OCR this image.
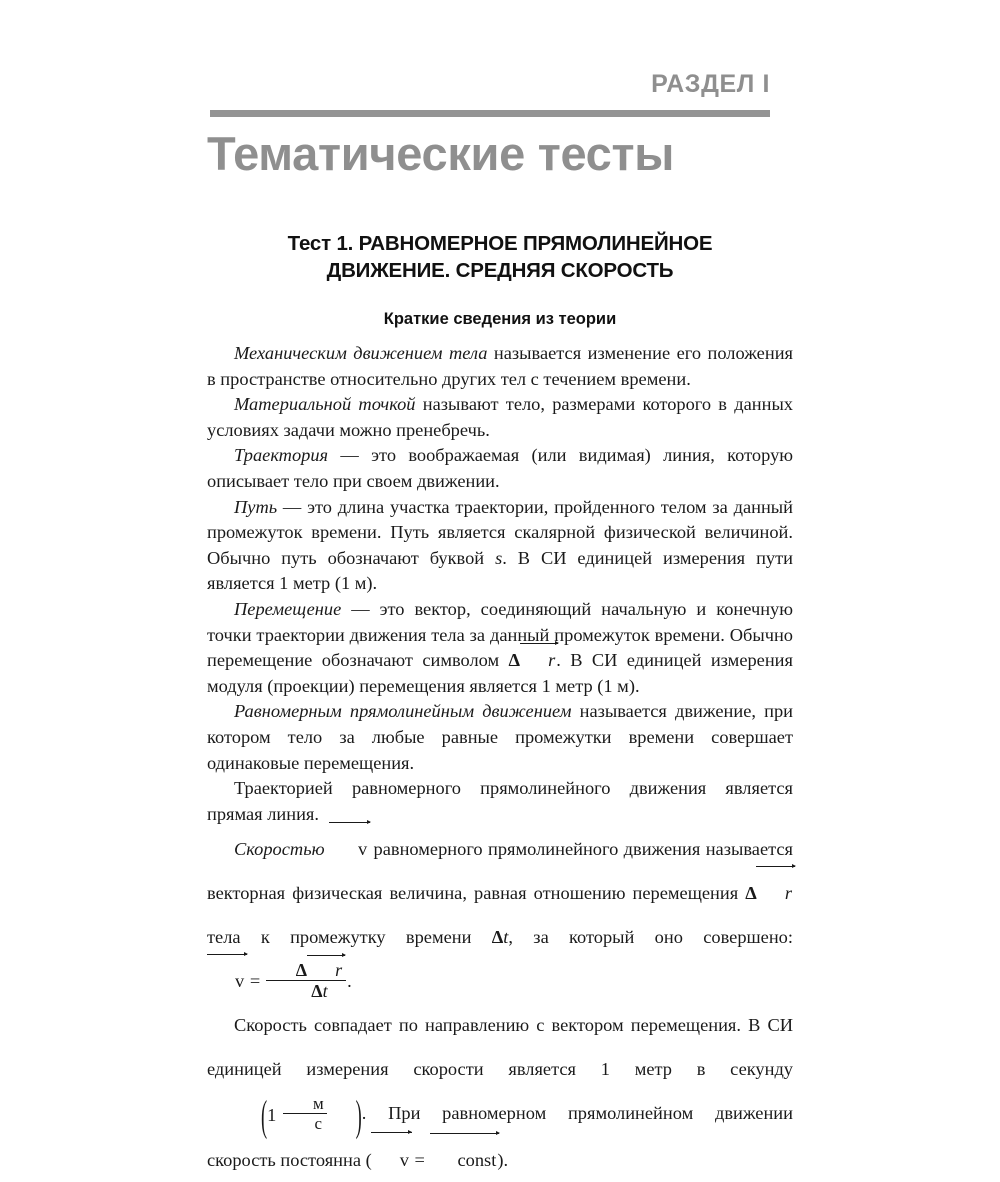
РАЗДЕЛ I
Тематические тесты
Тест 1. РАВНОМЕРНОЕ ПРЯМОЛИНЕЙНОЕ
ДВИЖЕНИЕ. СРЕДНЯЯ СКОРОСТЬ
Краткие сведения из теории

Механическим движением тела называется изменение его положения в пространстве относительно других тел с течением времени.

Материальной точкой называют тело, размерами которого в данных условиях задачи можно пренебречь.

Траектория — это воображаемая (или видимая) линия, которую описывает тело при своем движении.

Путь — это длина участка траектории, пройденного телом за данный промежуток времени. Путь является скалярной физической величиной. Обычно путь обозначают буквой s. В СИ единицей измерения пути является 1 метр (1 м).

Перемещение — это вектор, соединяющий начальную и конечную точки траектории движения тела за данный промежуток времени. Обычно перемещение обозначают символом Δ r. В СИ единицей измерения модуля (проекции) перемещения является 1 метр (1 м).

Равномерным прямолинейным движением называется движение, при котором тело за любые равные промежутки времени совершает одинаковые перемещения.

Траекторией равномерного прямолинейного движения является прямая линия.

Скоростью v равномерного прямолинейного движения называется векторная физическая величина, равная отношению перемещения Δ r тела к промежутку времени Δt, за который оно совершено: $v = \frac{\text{Δ r}}{\Delta t}$ .

Скорость совпадает по направлению с вектором перемещения. В СИ единицей измерения скорости является 1 метр в секунду ($1 \frac{м}{с}$ ). При равномерном прямолинейном движении скорость постоянна ( v = const).
